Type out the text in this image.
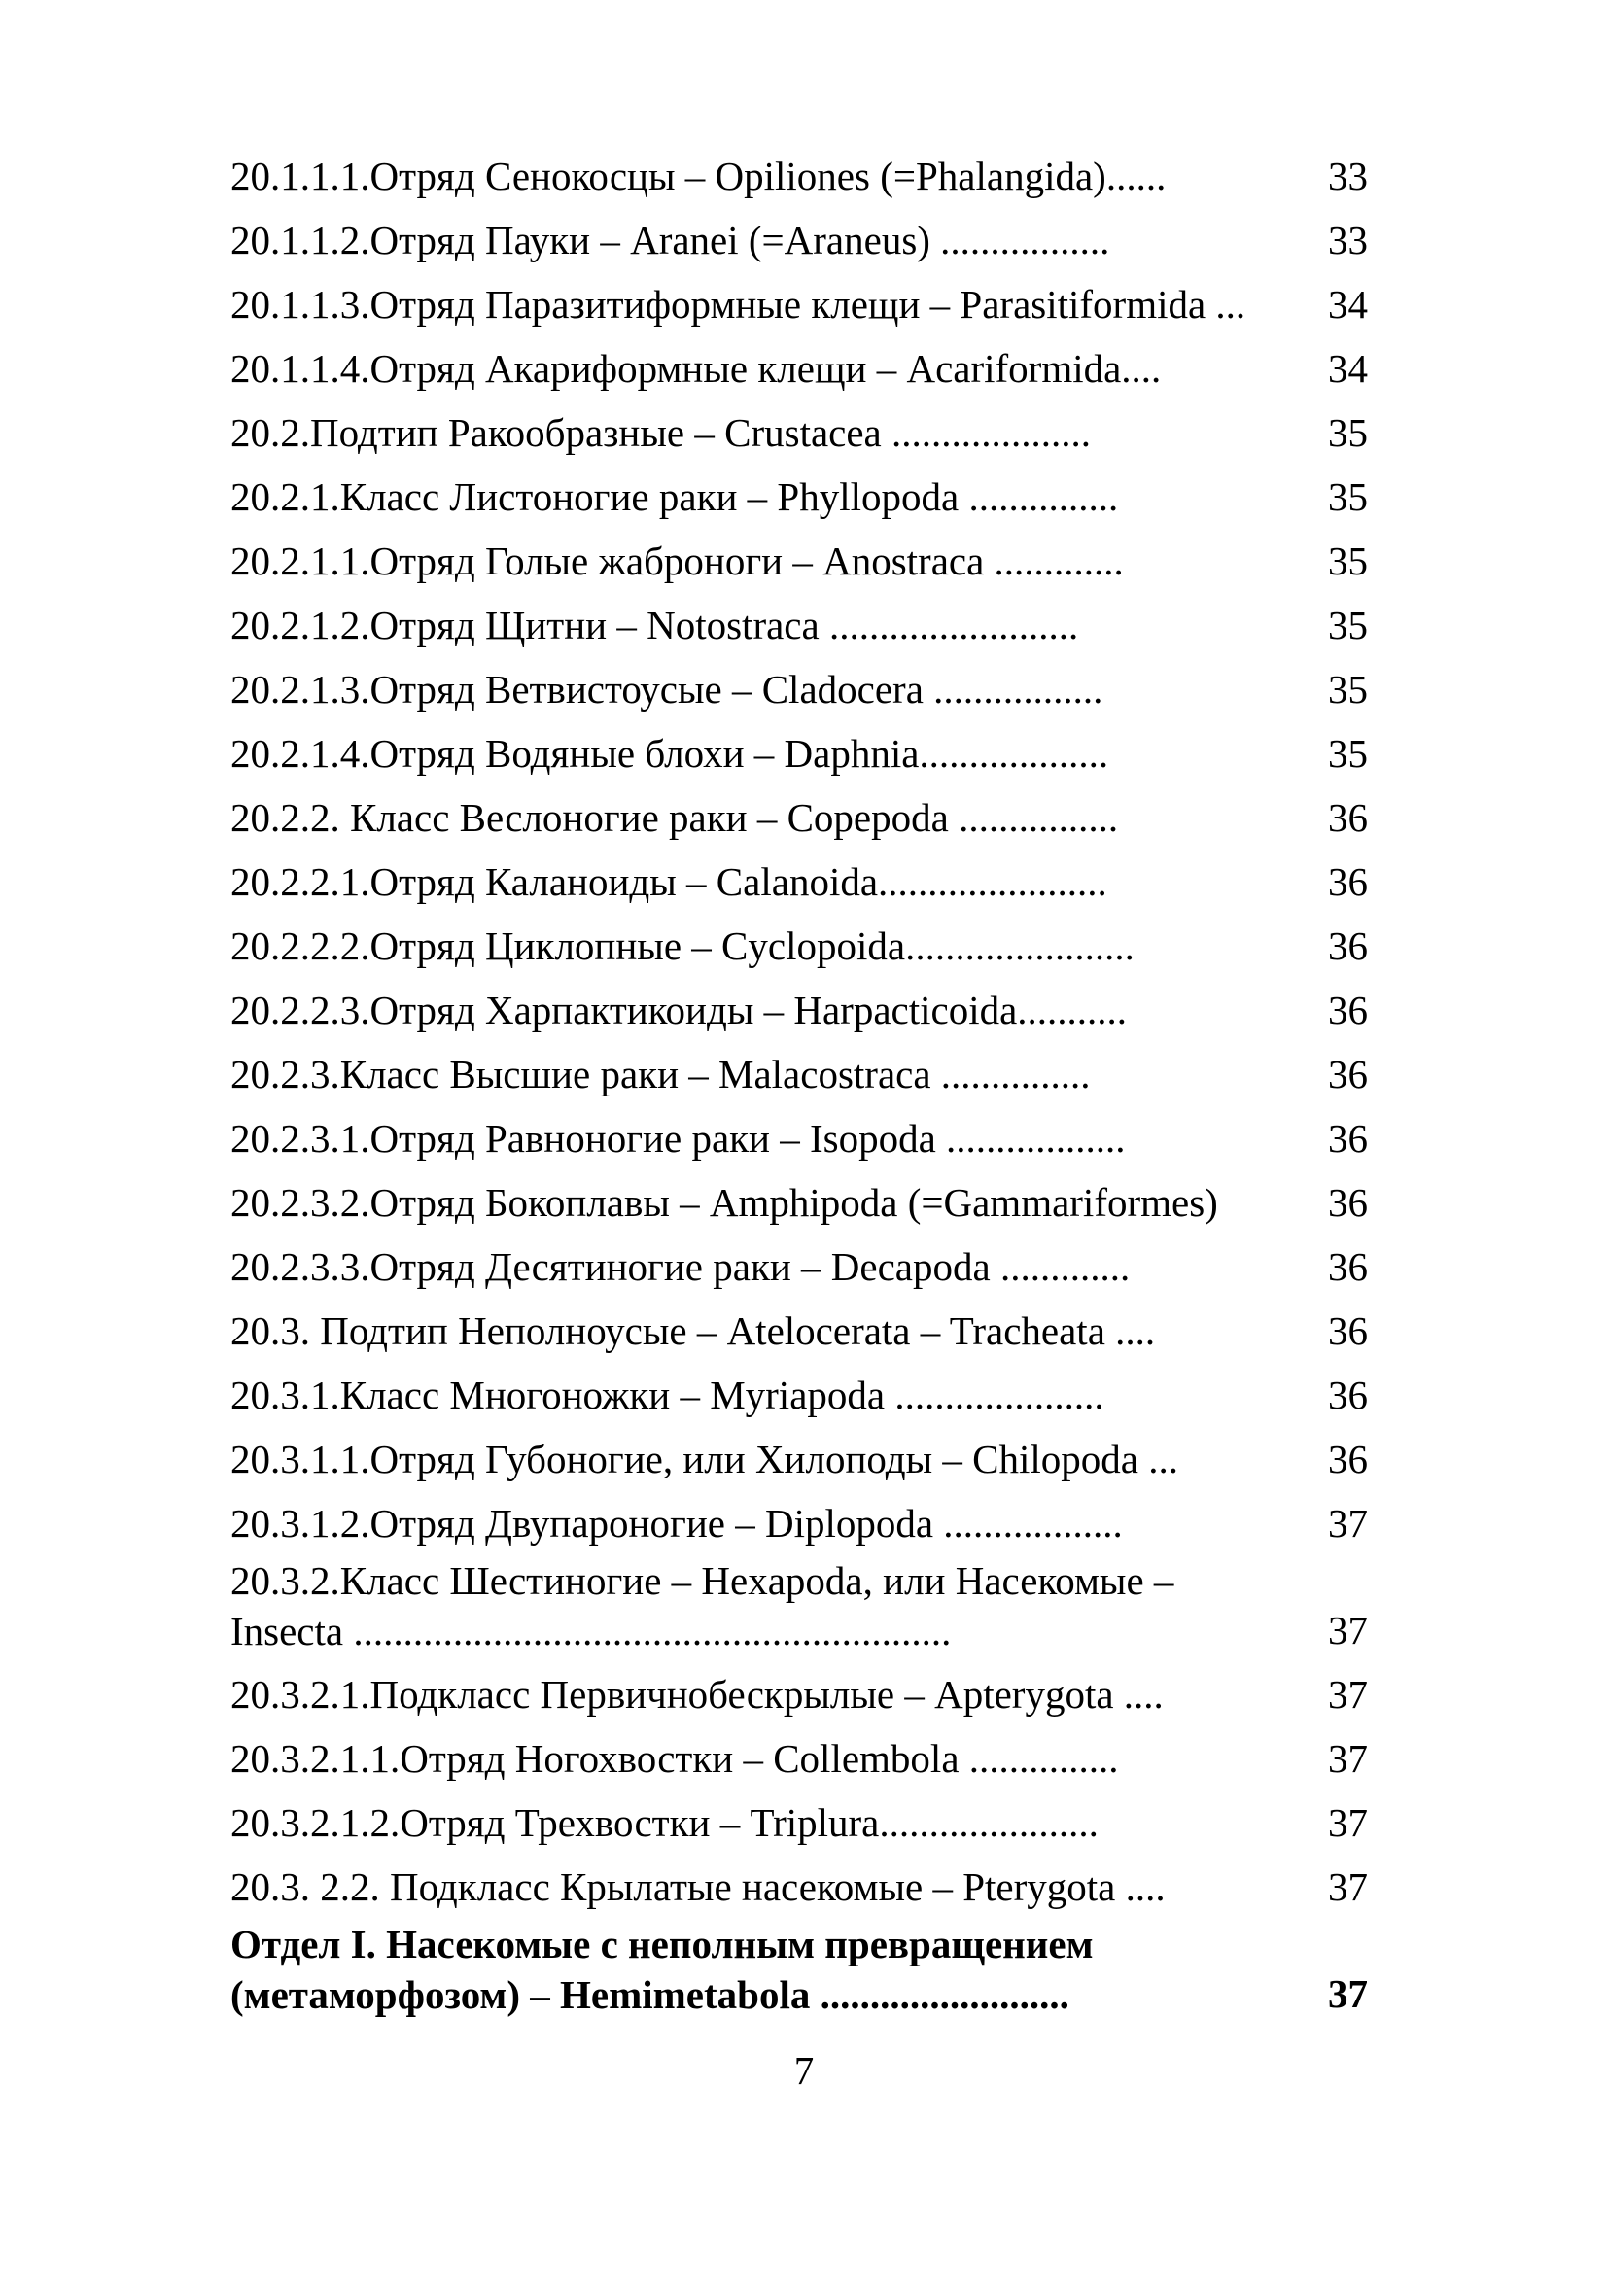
20.1.1.1.Отряд Сенокосцы – Opiliones (=Phalangida)......	33
20.1.1.2.Отряд Пауки – Aranei (=Araneus) .................	33
20.1.1.3.Отряд Паразитиформные клещи – Parasitiformida ...	34
20.1.1.4.Отряд Акариформные клещи – Acariformida....	34
20.2.Подтип Ракообразные – Crustacea ....................	35
20.2.1.Класс Листоногие раки – Phyllopoda ...............	35
20.2.1.1.Отряд Голые жаброноги – Anostraca .............	35
20.2.1.2.Отряд Щитни – Notostraca .........................	35
20.2.1.3.Отряд Ветвистоусые – Cladocera .................	35
20.2.1.4.Отряд Водяные блохи – Daphnia...................	35
20.2.2. Класс Веслоногие раки – Copepoda ................	36
20.2.2.1.Отряд Каланоиды – Calanoida.......................	36
20.2.2.2.Отряд Циклопные – Cyclopoida.......................	36
20.2.2.3.Отряд Харпактикоиды – Harpacticoida...........	36
20.2.3.Класс Высшие раки – Malacostraca ...............	36
20.2.3.1.Отряд Равноногие раки – Isopoda ..................	36
20.2.3.2.Отряд Бокоплавы – Amphipoda (=Gammariformes)	36
20.2.3.3.Отряд Десятиногие раки – Decapoda .............	36
20.3. Подтип Неполноусые – Atelocerata – Tracheata ....	36
20.3.1.Класс Многоножки – Myriapoda .....................	36
20.3.1.1.Отряд Губоногие, или Хилоподы – Chilopoda ...	36
20.3.1.2.Отряд Двупароногие – Diplopoda ..................	37
20.3.2.Класс Шестиногие – Hexapoda, или Насекомые – Insecta ............................................................	37
20.3.2.1.Подкласс Первичнобескрылые – Apterygota ....	37
20.3.2.1.1.Отряд Ногохвостки – Collembola ...............	37
20.3.2.1.2.Отряд Трехвостки – Triplura......................	37
20.3. 2.2. Подкласс Крылатые насекомые – Pterygota ....	37
Отдел I. Насекомые с неполным превращением (метаморфозом) – Hemimetabola .........................	37
7
